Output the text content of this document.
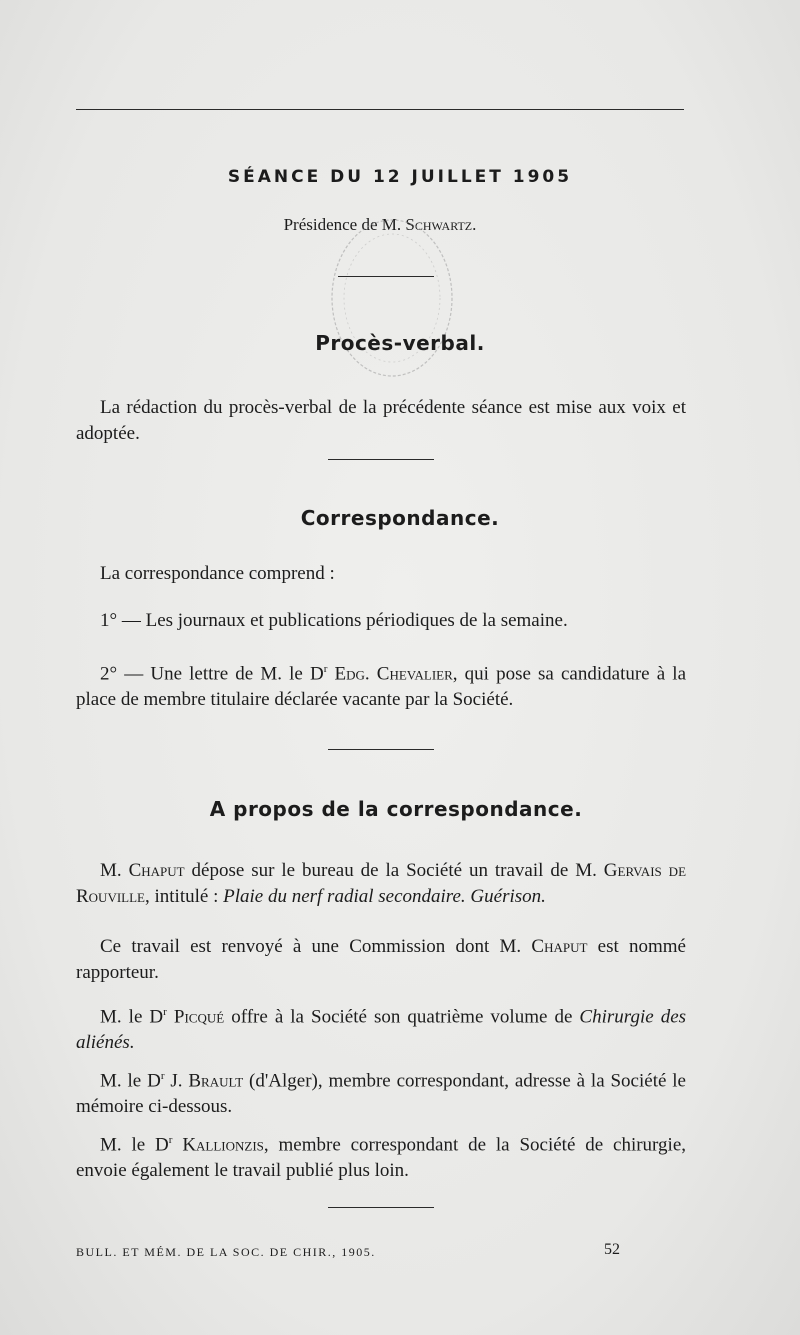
SÉANCE DU 12 JUILLET 1905
Présidence de M. Schwartz.
Procès-verbal.
La rédaction du procès-verbal de la précédente séance est mise aux voix et adoptée.
Correspondance.
La correspondance comprend :
1° — Les journaux et publications périodiques de la semaine.
2° — Une lettre de M. le $D^r$ Edg. Chevalier, qui pose sa candidature à la place de membre titulaire déclarée vacante par la Société.
A propos de la correspondance.
M. Chaput dépose sur le bureau de la Société un travail de M. Gervais de Rouville, intitulé : Plaie du nerf radial secondaire. Guérison.
Ce travail est renvoyé à une Commission dont M. Chaput est nommé rapporteur.
M. le $D^r$ Picqué offre à la Société son quatrième volume de Chirurgie des aliénés.
M. le $D^r$ J. Brault (d'Alger), membre correspondant, adresse à la Société le mémoire ci-dessous.
M. le $D^r$ Kallionzis, membre correspondant de la Société de chirurgie, envoie également le travail publié plus loin.
BULL. ET MÉM. DE LA SOC. DE CHIR., 1905.	52
